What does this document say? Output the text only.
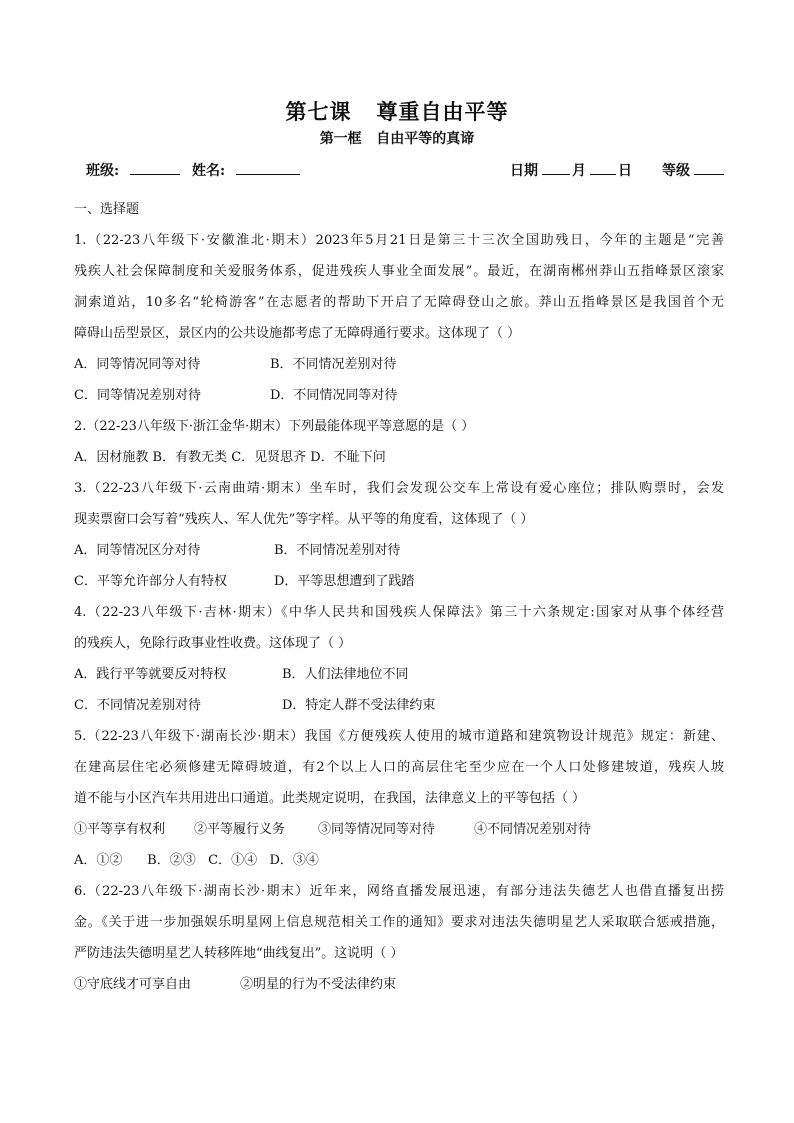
第七课   尊重自由平等
第一框   自由平等的真谛
班级:	姓名:	日期 月 日 等级
一、选择题
1.（22-23八年级下·安徽淮北·期末）2023年5月21日是第三十三次全国助残日，今年的主题是“完善
残疾人社会保障制度和关爱服务体系，促进残疾人事业全面发展”。最近，在湖南郴州莽山五指峰景区滚家
洞索道站，10多名“轮椅游客”在志愿者的帮助下开启了无障碍登山之旅。莽山五指峰景区是我国首个无
障碍山岳型景区，景区内的公共设施都考虑了无障碍通行要求。这体现了（ ）
A．同等情况同等对待	B．不同情况差别对待
C．同等情况差别对待	D．不同情况同等对待
2.（22-23八年级下·浙江金华·期末）下列最能体现平等意愿的是（ ）
A．因材施教 B．有教无类 C．见贤思齐 D．不耻下问
3.（22-23八年级下·云南曲靖·期末）坐车时，我们会发现公交车上常设有爱心座位；排队购票时，会发
现卖票窗口会写着“残疾人、军人优先”等字样。从平等的角度看，这体现了（ ）
A．同等情况区分对待	B．不同情况差别对待
C．平等允许部分人有特权	D．平等思想遭到了践踏
4.（22-23八年级下·吉林·期末）《中华人民共和国残疾人保障法》第三十六条规定:国家对从事个体经营
的残疾人，免除行政事业性收费。这体现了（ ）
A．践行平等就要反对特权	B．人们法律地位不同
C．不同情况差别对待	D．特定人群不受法律约束
5.（22-23八年级下·湖南长沙·期末）我国《方便残疾人使用的城市道路和建筑物设计规范》规定：新建、
在建高层住宅必须修建无障碍坡道，有2个以上人口的高层住宅至少应在一个人口处修建坡道，残疾人坡
道不能与小区汽车共用进出口通道。此类规定说明，在我国，法律意义上的平等包括（ ）
①平等享有权利 ②平等履行义务	③同等情况同等对待	④不同情况差别对待
A．①②      B．②③   C．①④   D．③④
6.（22-23八年级下·湖南长沙·期末）近年来，网络直播发展迅速，有部分违法失德艺人也借直播复出捞
金。《关于进一步加强娱乐明星网上信息规范相关工作的通知》要求对违法失德明星艺人采取联合惩戒措施，
严防违法失德明星艺人转移阵地“曲线复出”。这说明（ ）
①守底线才可享自由	②明星的行为不受法律约束
